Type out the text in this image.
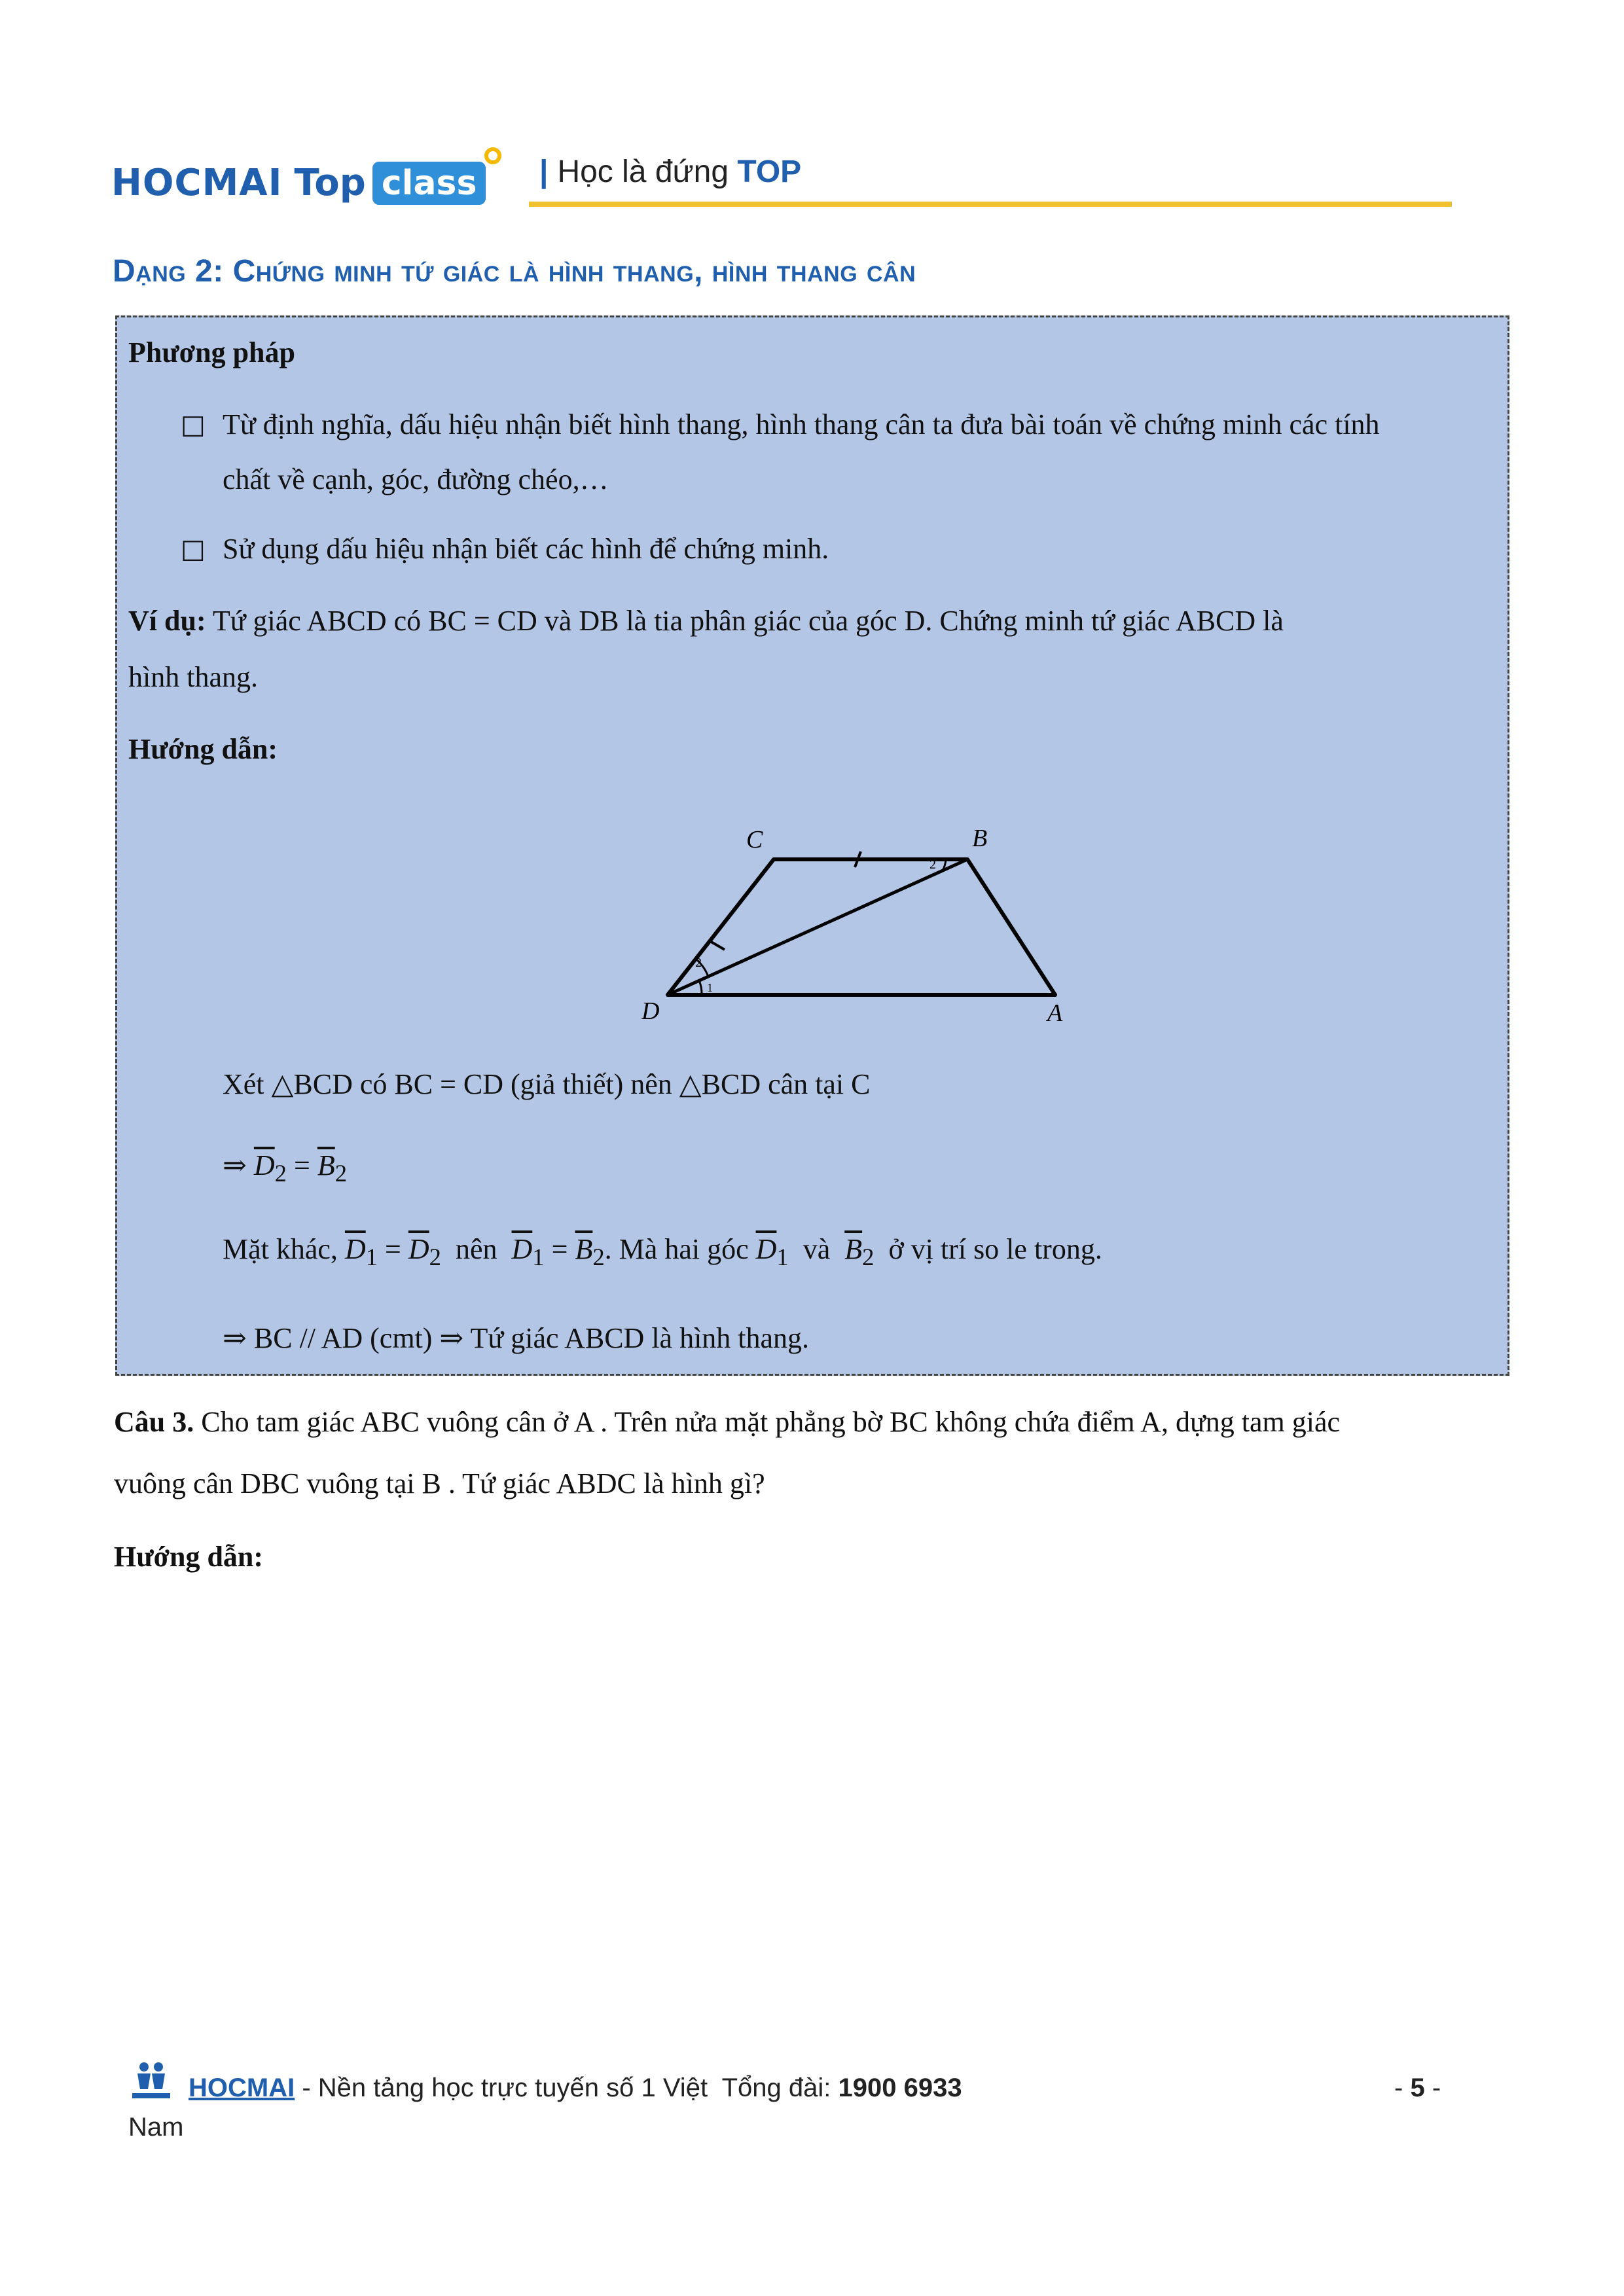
HOCMAI Top class | Học là đứng TOP
Dạng 2: Chứng minh tứ giác là hình thang, hình thang cân
Phương pháp
□ Từ định nghĩa, dấu hiệu nhận biết hình thang, hình thang cân ta đưa bài toán về chứng minh các tính
chất về cạnh, góc, đường chéo,…
□ Sử dụng dấu hiệu nhận biết các hình để chứng minh.
Ví dụ: Tứ giác ABCD có BC = CD và DB là tia phân giác của góc D. Chứng minh tứ giác ABCD là
hình thang.
Hướng dẫn:
C	B
D	A
2
2
1
Xét △BCD có BC = CD (giả thiết) nên △BCD cân tại C
⇒ $\overline{D}_2 = \overline{B}_2$
Mặt khác, $\overline{D}_1 = \overline{D}_2$ nên $\overline{D}_1 = \overline{B}_2$. Mà hai góc $\overline{D}_1$ và $\overline{B}_2$ ở vị trí so le trong.
⇒ BC // AD (cmt) ⇒ Tứ giác ABCD là hình thang.
Câu 3. Cho tam giác ABC vuông cân ở A . Trên nửa mặt phẳng bờ BC không chứa điểm A, dựng tam giác
vuông cân DBC vuông tại B . Tứ giác ABDC là hình gì?
Hướng dẫn:
HOCMAI - Nền tảng học trực tuyến số 1 Việt Tổng đài: 1900 6933	- 5 -
Nam
